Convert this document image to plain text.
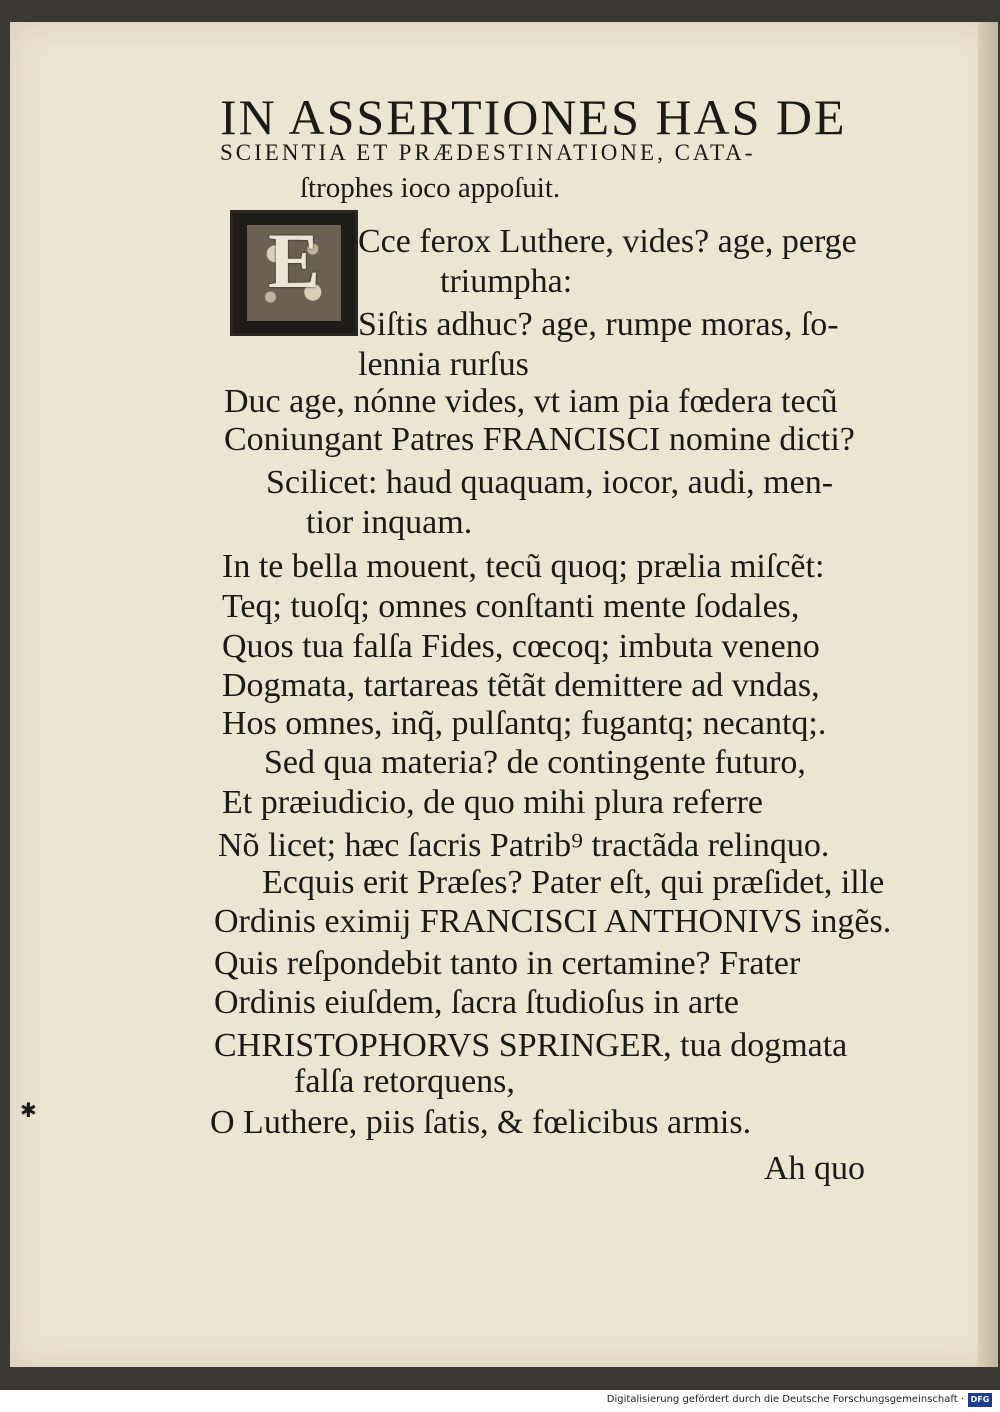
IN ASSERTIONES HAS DE
SCIENTIA ET PRÆDESTINATIONE, CATA-
ſtrophes ioco appoſuit.
E	Cce ferox Luthere, vides? age, perge
triumpha:
Siſtis adhuc? age, rumpe moras, ſo-
lennia rurſus
Duc age, nónne vides, vt iam pia fœdera tecũ
Coniungant Patres FRANCISCI nomine dicti?
Scilicet: haud quaquam, iocor, audi, men-
tior inquam.
In te bella mouent, tecũ quoq; prælia miſcẽt:
Teq; tuoſq; omnes conſtanti mente ſodales,
Quos tua falſa Fides, cœcoq; imbuta veneno
Dogmata, tartareas tẽtãt demittere ad vndas,
Hos omnes, inq̃, pulſantq; fugantq; necantq;.
Sed qua materia? de contingente futuro,
Et præiudicio, de quo mihi plura referre
Nõ licet; hæc ſacris Patrib⁹ tractãda relinquo.
Ecquis erit Præſes? Pater eſt, qui præſidet, ille
Ordinis eximij FRANCISCI ANTHONIVS ingẽs.
Quis reſpondebit tanto in certamine? Frater
Ordinis eiuſdem, ſacra ſtudioſus in arte
CHRISTOPHORVS SPRINGER, tua dogmata
falſa retorquens,
O Luthere, piis ſatis, & fœlicibus armis.
✱
Ah quo
Digitalisierung gefördert durch die Deutsche Forschungsgemeinschaft · DFG
